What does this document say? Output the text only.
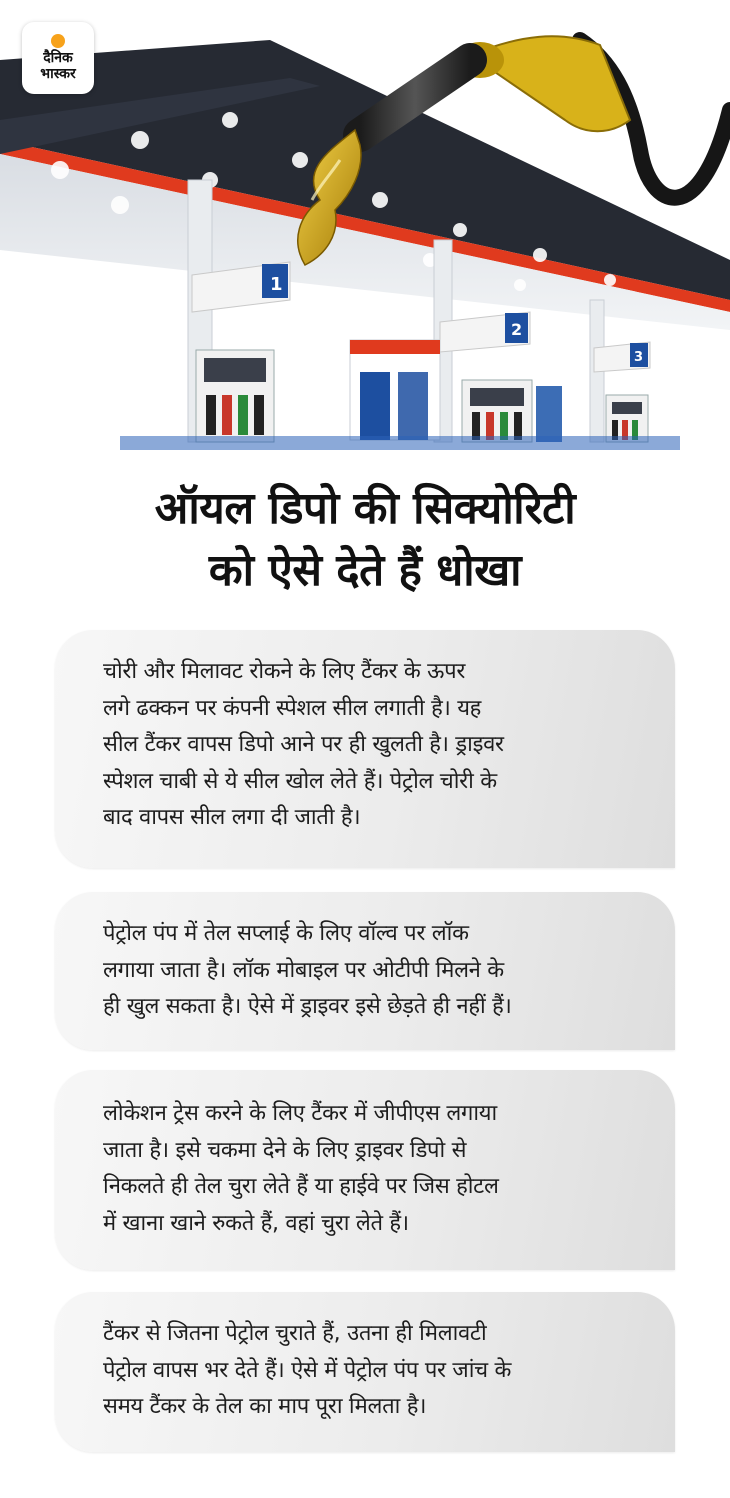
1
2
3
दैनिक
भास्कर
ऑयल डिपो की सिक्योरिटी
को ऐसे देते हैं धोखा
चोरी और मिलावट रोकने के लिए टैंकर के ऊपर
लगे ढक्कन पर कंपनी स्पेशल सील लगाती है। यह
सील टैंकर वापस डिपो आने पर ही खुलती है। ड्राइवर
स्पेशल चाबी से ये सील खोल लेते हैं। पेट्रोल चोरी के
बाद वापस सील लगा दी जाती है।
पेट्रोल पंप में तेल सप्लाई के लिए वॉल्व पर लॉक
लगाया जाता है। लॉक मोबाइल पर ओटीपी मिलने के
ही खुल सकता है। ऐसे में ड्राइवर इसे छेड़ते ही नहीं हैं।
लोकेशन ट्रेस करने के लिए टैंकर में जीपीएस लगाया
जाता है। इसे चकमा देने के लिए ड्राइवर डिपो से
निकलते ही तेल चुरा लेते हैं या हाईवे पर जिस होटल
में खाना खाने रुकते हैं, वहां चुरा लेते हैं।
टैंकर से जितना पेट्रोल चुराते हैं, उतना ही मिलावटी
पेट्रोल वापस भर देते हैं। ऐसे में पेट्रोल पंप पर जांच के
समय टैंकर के तेल का माप पूरा मिलता है।
